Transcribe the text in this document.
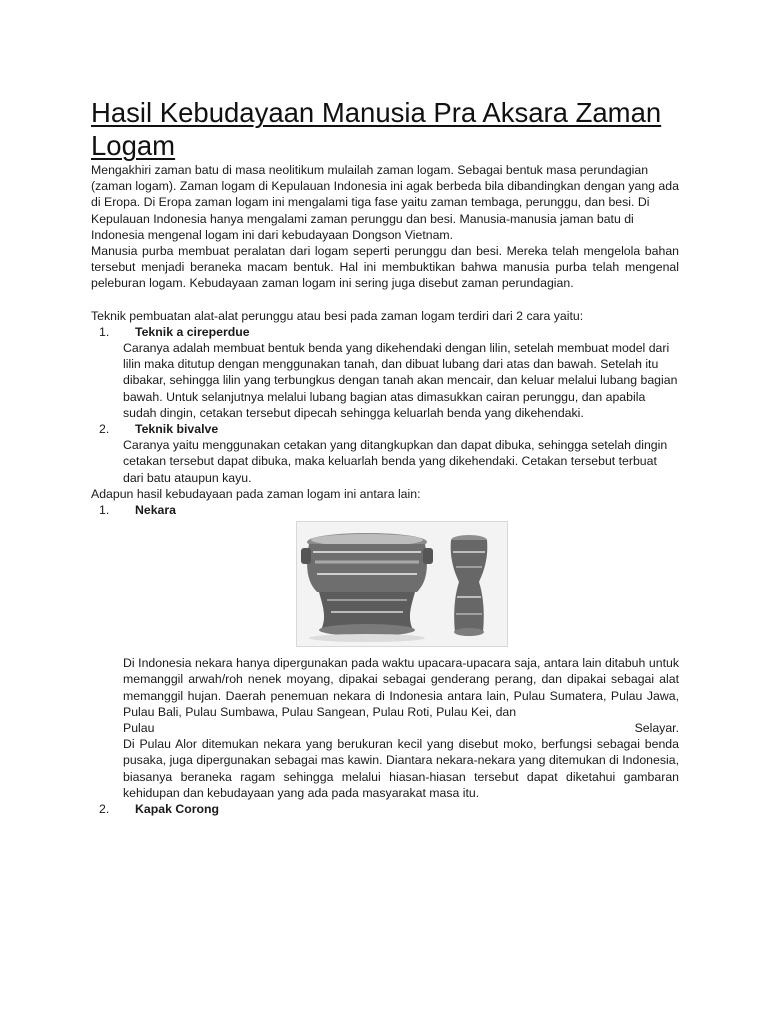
Hasil Kebudayaan Manusia Pra Aksara Zaman Logam

Mengakhiri zaman batu di masa neolitikum mulailah zaman logam. Sebagai bentuk masa perundagian (zaman logam). Zaman logam di Kepulauan Indonesia ini agak berbeda bila dibandingkan dengan yang ada di Eropa. Di Eropa zaman logam ini mengalami tiga fase yaitu zaman tembaga, perunggu, dan besi. Di Kepulauan Indonesia hanya mengalami zaman perunggu dan besi. Manusia-manusia jaman batu di Indonesia mengenal logam ini dari kebudayaan Dongson Vietnam.

Manusia purba membuat peralatan dari logam seperti perunggu dan besi. Mereka telah mengelola bahan tersebut menjadi beraneka macam bentuk. Hal ini membuktikan bahwa manusia purba telah mengenal peleburan logam. Kebudayaan zaman logam ini sering juga disebut zaman perundagian.

Teknik pembuatan alat-alat perunggu atau besi pada zaman logam terdiri dari 2 cara yaitu:

1. Teknik a cireperdue

Caranya adalah membuat bentuk benda yang dikehendaki dengan lilin, setelah membuat model dari lilin maka ditutup dengan menggunakan tanah, dan dibuat lubang dari atas dan bawah. Setelah itu dibakar, sehingga lilin yang terbungkus dengan tanah akan mencair, dan keluar melalui lubang bagian bawah. Untuk selanjutnya melalui lubang bagian atas dimasukkan cairan perunggu, dan apabila sudah dingin, cetakan tersebut dipecah sehingga keluarlah benda yang dikehendaki.

2. Teknik bivalve

Caranya yaitu menggunakan cetakan yang ditangkupkan dan dapat dibuka, sehingga setelah dingin cetakan tersebut dapat dibuka, maka keluarlah benda yang dikehendaki. Cetakan tersebut terbuat dari batu ataupun kayu.

Adapun hasil kebudayaan pada zaman logam ini antara lain:

1. Nekara

Di Indonesia nekara hanya dipergunakan pada waktu upacara-upacara saja, antara lain ditabuh untuk memanggil arwah/roh nenek moyang, dipakai sebagai genderang perang, dan dipakai sebagai alat memanggil hujan. Daerah penemuan nekara di Indonesia antara lain, Pulau Sumatera, Pulau Jawa, Pulau Bali, Pulau Sumbawa, Pulau Sangean, Pulau Roti, Pulau Kei, dan

Pulau	Selayar.

Di Pulau Alor ditemukan nekara yang berukuran kecil yang disebut moko, berfungsi sebagai benda pusaka, juga dipergunakan sebagai mas kawin. Diantara nekara-nekara yang ditemukan di Indonesia, biasanya beraneka ragam sehingga melalui hiasan-hiasan tersebut dapat diketahui gambaran kehidupan dan kebudayaan yang ada pada masyarakat masa itu.

2. Kapak Corong
